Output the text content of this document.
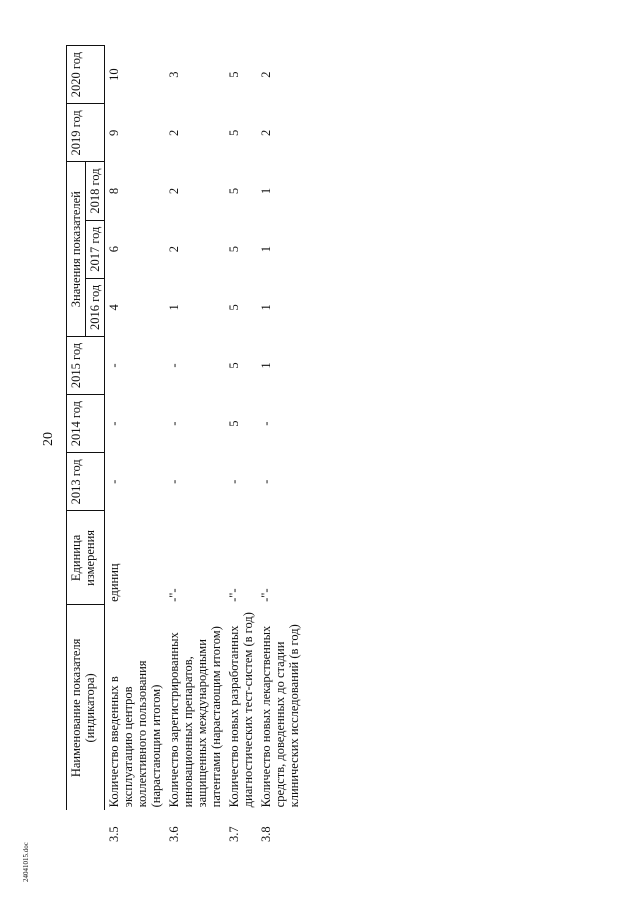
20
	Наименование показателя (индикатора)	Единица измерения	2013 год	2014 год	2015 год	Значения показателей			2019 год	2020 год
						2016 год	2017 год	2018 год		
3.5	Количество введенных в эксплуатацию центров коллективного пользования (нарастающим итогом)	единиц	-	-	-	4	6	8	9	10
3.6	Количество зарегистрированных инновационных препаратов, защищенных международными патентами (нарастающим итогом)	-"-	-	-	-	1	2	2	2	3
3.7	Количество новых разработанных диагностических тест-систем (в год)	-"-	-	5	5	5	5	5	5	5
3.8	Количество новых лекарственных средств, доведенных до стадии клинических исследований (в год)	-"-	-	-	1	1	1	1	2	2
24041015.doc
